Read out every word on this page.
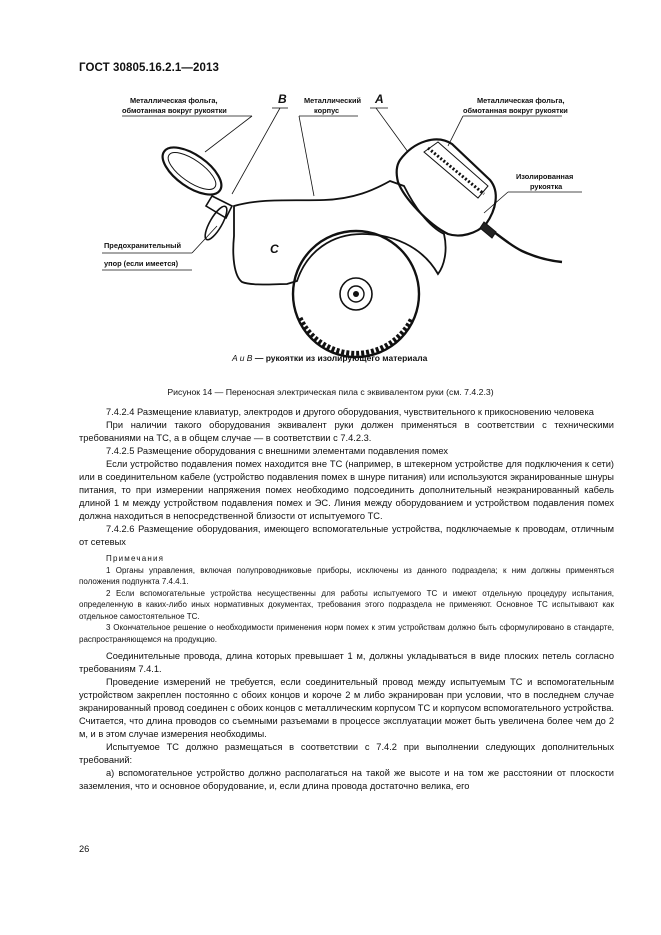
ГОСТ 30805.16.2.1—2013
Металлическая фольга,
обмотанная вокруг рукоятки
B Металлический
корпус
A	Металлическая фольга,
обмотанная вокруг рукоятки
Изолированная
рукоятка
Предохранительный
упор (если имеется)
C
A и B — рукоятки из изолирующего материала
Рисунок 14 — Переносная электрическая пила с эквивалентом руки (см. 7.4.2.3)

7.4.2.4 Размещение клавиатур, электродов и другого оборудования, чувствительного к прикосновению человека

При наличии такого оборудования эквивалент руки должен применяться в соответствии с техническими требованиями на ТС, а в общем случае — в соответствии с 7.4.2.3.

7.4.2.5 Размещение оборудования с внешними элементами подавления помех

Если устройство подавления помех находится вне ТС (например, в штекерном устройстве для подключения к сети) или в соединительном кабеле (устройство подавления помех в шнуре питания) или используются экранированные шнуры питания, то при измерении напряжения помех необходимо подсоединить дополнительный неэкранированный кабель длиной 1 м между устройством подавления помех и ЭС. Линия между оборудованием и устройством подавления помех должна находиться в непосредственной близости от испытуемого ТС.

7.4.2.6 Размещение оборудования, имеющего вспомогательные устройства, подключаемые к проводам, отличным от сетевых

Примечания

1 Органы управления, включая полупроводниковые приборы, исключены из данного подраздела; к ним должны применяться положения подпункта 7.4.4.1.

2 Если вспомогательные устройства несущественны для работы испытуемого ТС и имеют отдельную процедуру испытания, определенную в каких-либо иных нормативных документах, требования этого подраздела не применяют. Основное ТС испытывают как отдельное самостоятельное ТС.

3 Окончательное решение о необходимости применения норм помех к этим устройствам должно быть сформулировано в стандарте, распространяющемся на продукцию.

Соединительные провода, длина которых превышает 1 м, должны укладываться в виде плоских петель согласно требованиям 7.4.1.

Проведение измерений не требуется, если соединительный провод между испытуемым ТС и вспомогательным устройством закреплен постоянно с обоих концов и короче 2 м либо экранирован при условии, что в последнем случае экранированный провод соединен с обоих концов с металлическим корпусом ТС и корпусом вспомогательного устройства. Считается, что длина проводов со съемными разъемами в процессе эксплуатации может быть увеличена более чем до 2 м, и в этом случае измерения необходимы.

Испытуемое ТС должно размещаться в соответствии с 7.4.2 при выполнении следующих дополнительных требований:

а) вспомогательное устройство должно располагаться на такой же высоте и на том же расстоянии от плоскости заземления, что и основное оборудование, и, если длина провода достаточно велика, его

26
